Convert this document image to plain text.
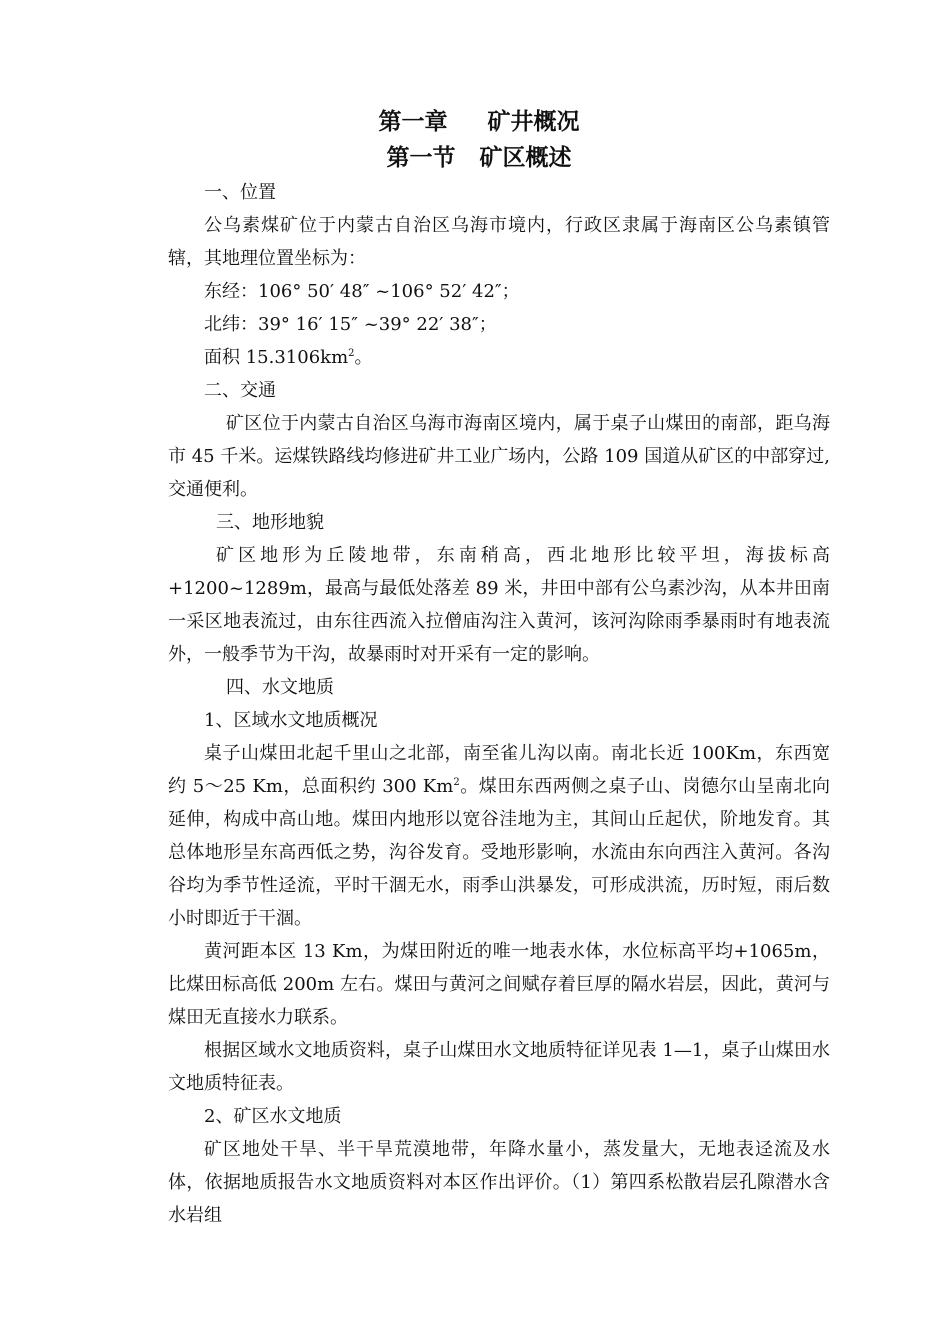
第一章 矿井概况
第一节 矿区概述

一、位置

公乌素煤矿位于内蒙古自治区乌海市境内，行政区隶属于海南区公乌素镇管辖，其地理位置坐标为：

东经：106° 50′ 48″ ~106° 52′ 42″；

北纬：39° 16′ 15″ ~39° 22′ 38″；

面积 $15.3106km^2$。

二、交通

矿区位于内蒙古自治区乌海市海南区境内，属于桌子山煤田的南部，距乌海市 45 千米。运煤铁路线均修进矿井工业广场内，公路 109 国道从矿区的中部穿过,交通便利。

三、地形地貌

矿区地形为丘陵地带，东南稍高，西北地形比较平坦，海拔标高+1200~1289m，最高与最低处落差 89 米，井田中部有公乌素沙沟，从本井田南一采区地表流过，由东往西流入拉僧庙沟注入黄河，该河沟除雨季暴雨时有地表流外，一般季节为干沟，故暴雨时对开采有一定的影响。

四、水文地质

1、区域水文地质概况

桌子山煤田北起千里山之北部，南至雀儿沟以南。南北长近 100Km，东西宽约 5～25 Km，总面积约 300 Km$^2$。煤田东西两侧之桌子山、岗德尔山呈南北向延伸，构成中高山地。煤田内地形以宽谷洼地为主，其间山丘起伏，阶地发育。其总体地形呈东高西低之势，沟谷发育。受地形影响，水流由东向西注入黄河。各沟谷均为季节性迳流，平时干涸无水，雨季山洪暴发，可形成洪流，历时短，雨后数小时即近于干涸。

黄河距本区 13 Km，为煤田附近的唯一地表水体，水位标高平均+1065m，比煤田标高低 200m 左右。煤田与黄河之间赋存着巨厚的隔水岩层，因此，黄河与煤田无直接水力联系。

根据区域水文地质资料，桌子山煤田水文地质特征详见表 1—1，桌子山煤田水文地质特征表。

2、矿区水文地质

矿区地处干旱、半干旱荒漠地带，年降水量小，蒸发量大，无地表迳流及水体，依据地质报告水文地质资料对本区作出评价。（1）第四系松散岩层孔隙潜水含水岩组
